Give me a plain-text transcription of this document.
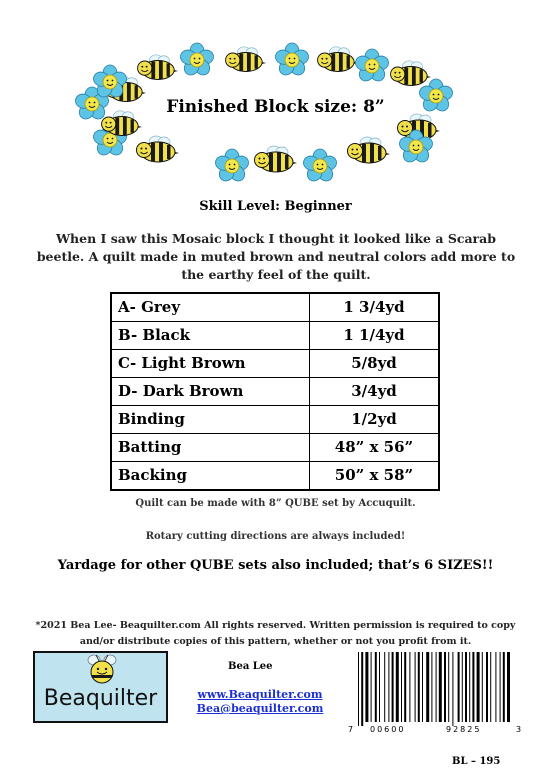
Finished Block size: 8”
Skill Level: Beginner
When I saw this Mosaic block I thought it looked like a Scarab beetle. A quilt made in muted brown and neutral colors add more to the earthy feel of the quilt.
A- Grey	1 3/4yd
B- Black	1 1/4yd
C- Light Brown	5/8yd
D- Dark Brown	3/4yd
Binding	1/2yd
Batting	48” x 56”
Backing	50” x 58”
Quilt can be made with 8” QUBE set by Accuquilt.
Rotary cutting directions are always included!
Yardage for other QUBE sets also included; that’s 6 SIZES!!
*2021 Bea Lee- Beaquilter.com All rights reserved. Written permission is required to copy and/or distribute copies of this pattern, whether or not you profit from it.
Beaquilter
Bea Lee
www.Beaquilter.com
Bea@beaquilter.com
7 00600	92825	3
BL – 195
